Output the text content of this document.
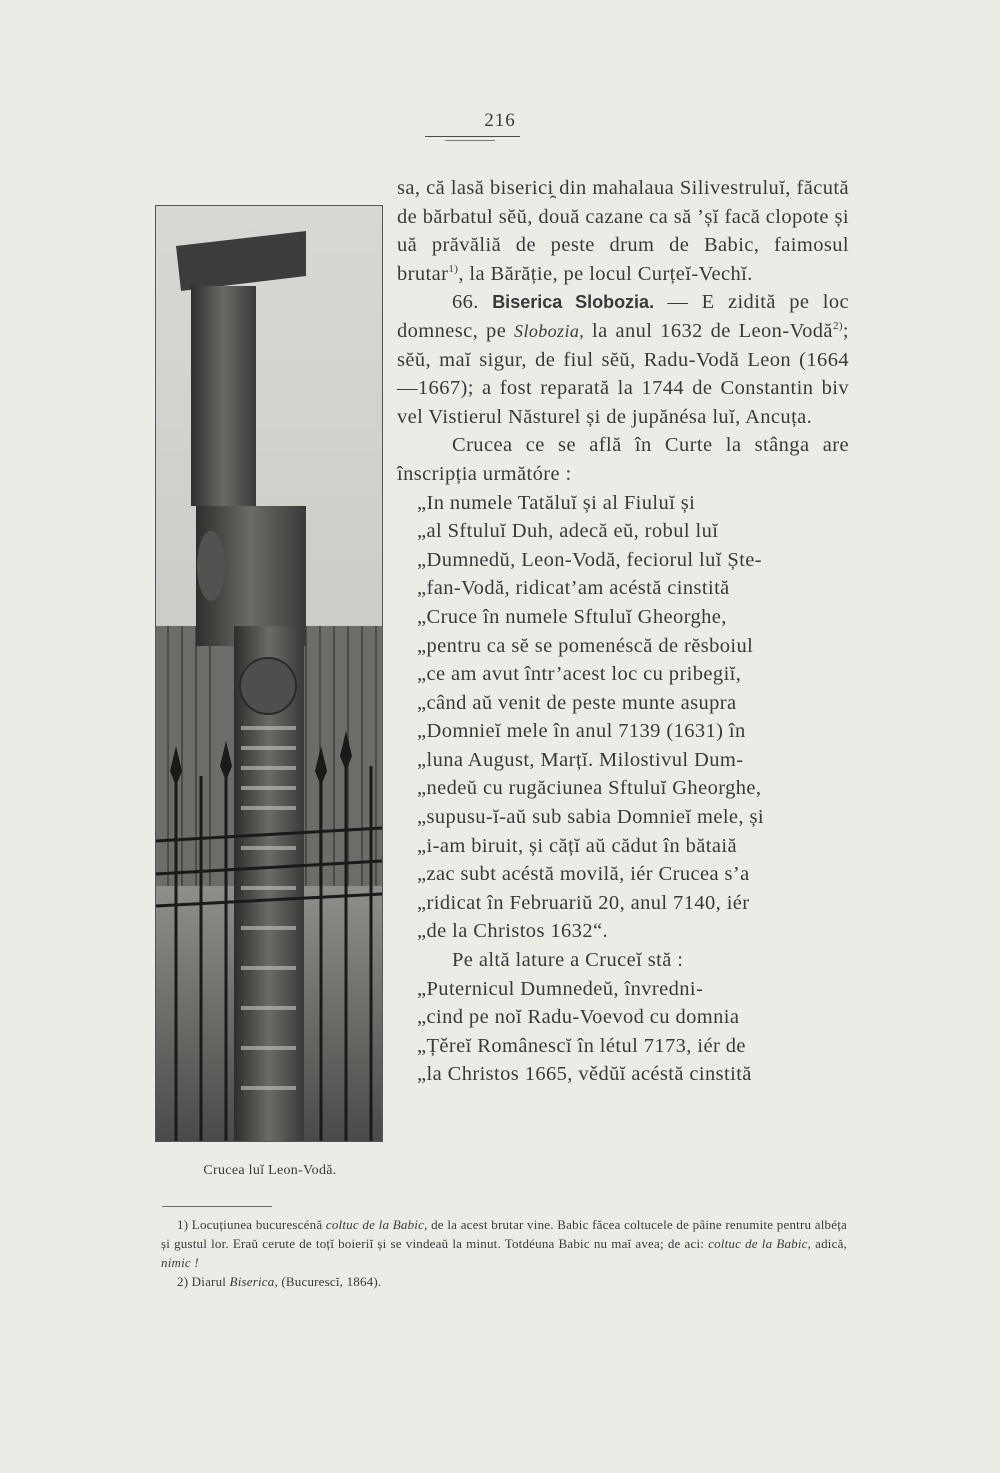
216
Crucea luĭ Leon-Vodă.

sa, că lasă biserici̯ din mahalaua Silivestruluĭ, făcută de bărbatul sĕŭ, două cazane ca să ’șĭ facă clopote și uă prăvăliă de peste drum de Babic, faimosul brutar$^{1)}$, la Bărăție, pe locul Curțeĭ-Vechĭ.

66. Biserica Slobozia. — E zidită pe loc domnesc, pe Slobozia, la anul 1632 de Leon-Vodă$^{2)}$; sĕŭ, maĭ sigur, de fiul sĕŭ, Radu-Vodă Leon (1664—1667); a fost reparată la 1744 de Constantin biv vel Vistierul Năsturel și de jupănésa luĭ, Ancuța.

Crucea ce se află în Curte la stânga are înscripția următóre :

„In numele Tatăluĭ și al Fiuluĭ și

„al Sftuluĭ Duh, adecă eŭ, robul luĭ

„Dumnedŭ, Leon-Vodă, feciorul luĭ Ște-

„fan-Vodă, ridicat’am acéstă cinstită

„Cruce în numele Sftuluĭ Gheorghe,

„pentru ca sĕ se pomenéscă de rĕsboiul

„ce am avut într’acest loc cu pribegiĭ,

„când aŭ venit de peste munte asupra

„Domnieĭ mele în anul 7139 (1631) în

„luna August, Marțĭ. Milostivul Dum-

„nedeŭ cu rugăciunea Sftuluĭ Gheorghe,

„supusu-ĭ-aŭ sub sabia Domnieĭ mele, și

„i-am biruit, și cățĭ aŭ cădut în bătaiă

„zac subt acéstă movilă, iér Crucea s’a

„ridicat în Februariŭ 20, anul 7140, iér

„de la Christos 1632“.

Pe altă lature a Cruceĭ stă :

„Puternicul Dumnedeŭ, învredni-

„cind pe noĭ Radu-Voevod cu domnia

„Țěreĭ Românescĭ în létul 7173, iér de

„la Christos 1665, vědŭĭ acéstă cinstită

1) Locuțiunea bucurescénă coltuc de la Babic, de la acest brutar vine. Babic făcea coltucele de pâine renumite pentru albéța și gustul lor. Eraŭ cerute de toțĭ boieriĭ și se vindeaŭ la minut. Totdéuna Babic nu maĭ avea; de aci: coltuc de la Babic, adică, nimic !

2) Diarul Biserica, (Bucurescĭ, 1864).
